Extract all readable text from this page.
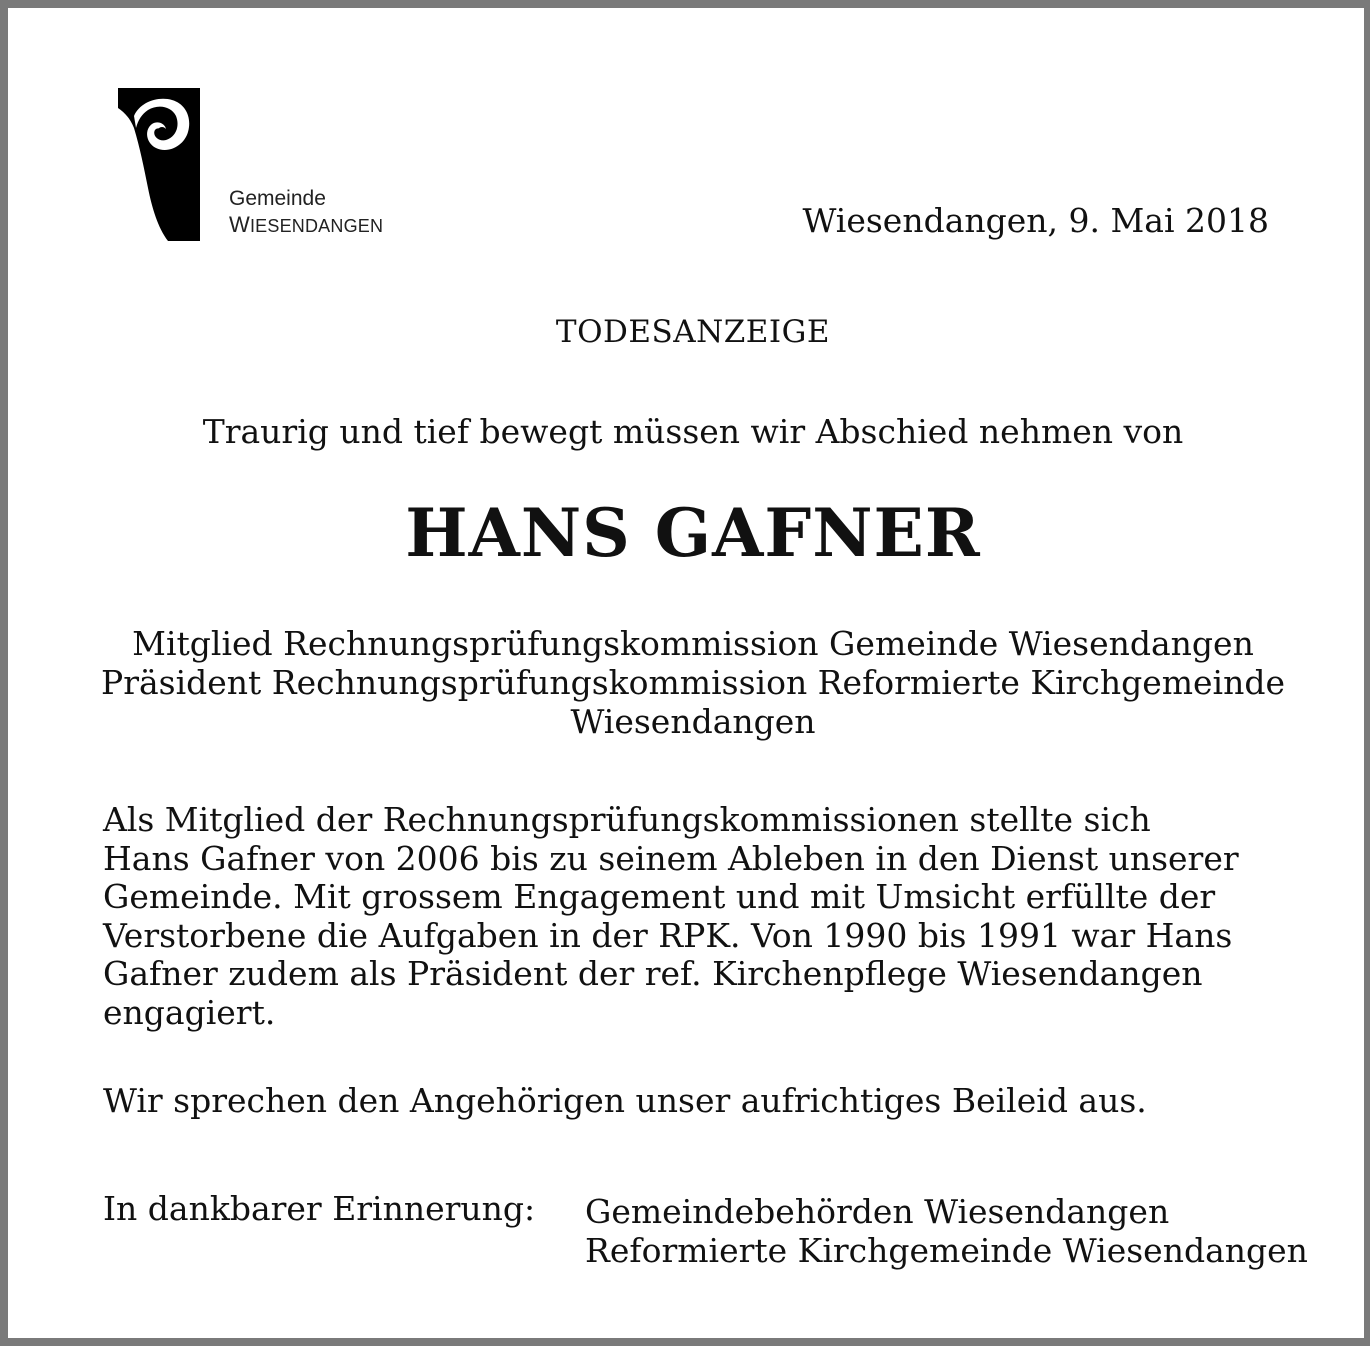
Gemeinde
WIESENDANGEN	Wiesendangen, 9. Mai 2018
TODESANZEIGE
Traurig und tief bewegt müssen wir Abschied nehmen von
HANS GAFNER
Mitglied Rechnungsprüfungskommission Gemeinde Wiesendangen
Präsident Rechnungsprüfungskommission Reformierte Kirchgemeinde
Wiesendangen
Als Mitglied der Rechnungsprüfungskommissionen stellte sich
Hans Gafner von 2006 bis zu seinem Ableben in den Dienst unserer
Gemeinde. Mit grossem Engagement und mit Umsicht erfüllte der
Verstorbene die Aufgaben in der RPK. Von 1990 bis 1991 war Hans
Gafner zudem als Präsident der ref. Kirchenpflege Wiesendangen
engagiert.
Wir sprechen den Angehörigen unser aufrichtiges Beileid aus.
In dankbarer Erinnerung: Gemeindebehörden Wiesendangen
Reformierte Kirchgemeinde Wiesendangen
